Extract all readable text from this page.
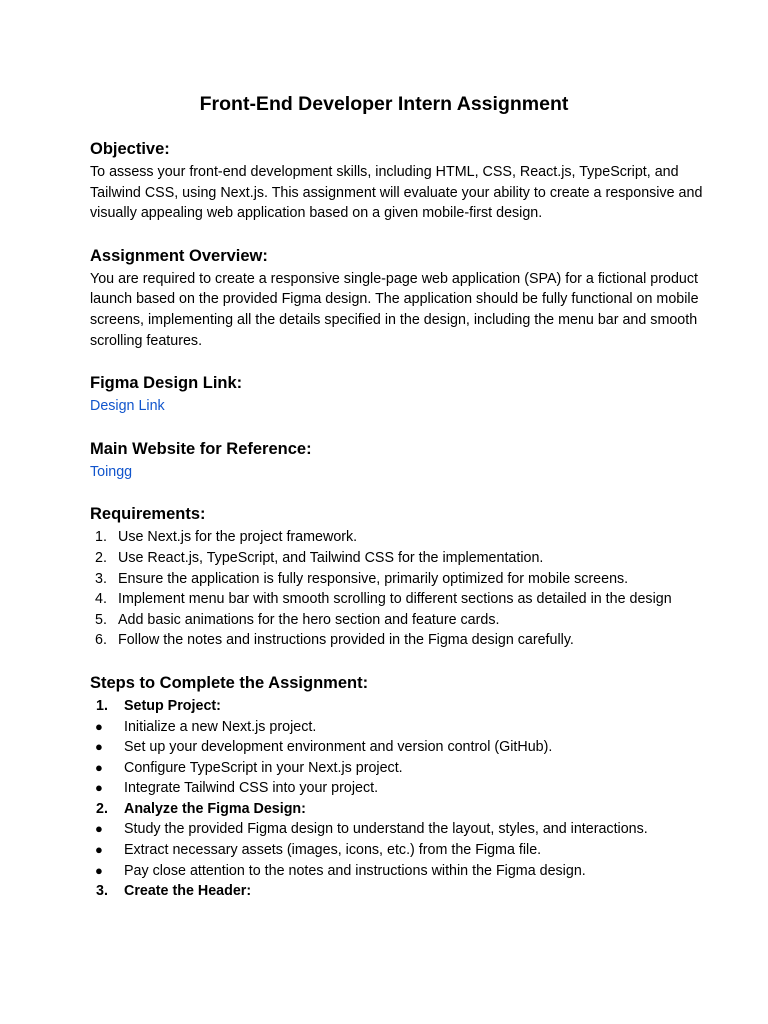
Front-End Developer Intern Assignment
Objective:

To assess your front-end development skills, including HTML, CSS, React.js, TypeScript, and Tailwind CSS, using Next.js. This assignment will evaluate your ability to create a responsive and visually appealing web application based on a given mobile-first design.

Assignment Overview:

You are required to create a responsive single-page web application (SPA) for a fictional product launch based on the provided Figma design. The application should be fully functional on mobile screens, implementing all the details specified in the design, including the menu bar and smooth scrolling features.

Figma Design Link:
Design Link
Main Website for Reference:
Toingg
Requirements:
1. Use Next.js for the project framework.
2. Use React.js, TypeScript, and Tailwind CSS for the implementation.
3. Ensure the application is fully responsive, primarily optimized for mobile screens.
4. Implement menu bar with smooth scrolling to different sections as detailed in the design
5. Add basic animations for the hero section and feature cards.
6. Follow the notes and instructions provided in the Figma design carefully.
Steps to Complete the Assignment:
1. Setup Project:
● Initialize a new Next.js project.
● Set up your development environment and version control (GitHub).
● Configure TypeScript in your Next.js project.
● Integrate Tailwind CSS into your project.
2. Analyze the Figma Design:
● Study the provided Figma design to understand the layout, styles, and interactions.
● Extract necessary assets (images, icons, etc.) from the Figma file.
● Pay close attention to the notes and instructions within the Figma design.
3. Create the Header:
